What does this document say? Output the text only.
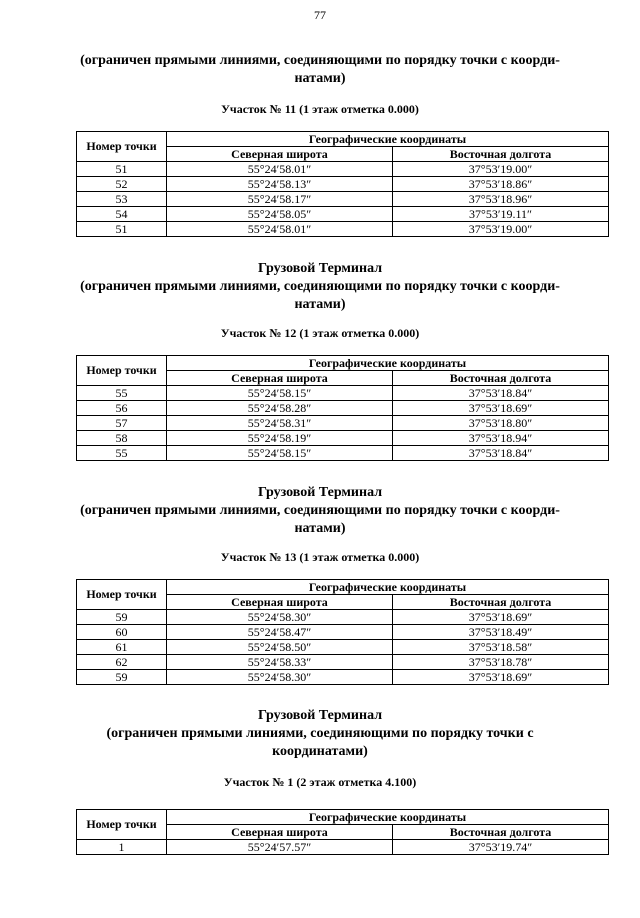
77

(ограничен прямыми линиями, соединяющими по порядку точки с коорди-
натами)

Участок № 11 (1 этаж отметка 0.000)

Номер точки	Географические координаты	
	Северная широта	Восточная долгота
51	55°24′58.01″	37°53′19.00″
52	55°24′58.13″	37°53′18.86″
53	55°24′58.17″	37°53′18.96″
54	55°24′58.05″	37°53′19.11″
51	55°24′58.01″	37°53′19.00″

Грузовой Терминал
(ограничен прямыми линиями, соединяющими по порядку точки с коорди-
натами)

Участок № 12 (1 этаж отметка 0.000)

Номер точки	Географические координаты	
	Северная широта	Восточная долгота
55	55°24′58.15″	37°53′18.84″
56	55°24′58.28″	37°53′18.69″
57	55°24′58.31″	37°53′18.80″
58	55°24′58.19″	37°53′18.94″
55	55°24′58.15″	37°53′18.84″

Грузовой Терминал
(ограничен прямыми линиями, соединяющими по порядку точки с коорди-
натами)

Участок № 13 (1 этаж отметка 0.000)

Номер точки	Географические координаты	
	Северная широта	Восточная долгота
59	55°24′58.30″	37°53′18.69″
60	55°24′58.47″	37°53′18.49″
61	55°24′58.50″	37°53′18.58″
62	55°24′58.33″	37°53′18.78″
59	55°24′58.30″	37°53′18.69″

Грузовой Терминал
(ограничен прямыми линиями, соединяющими по порядку точки с
координатами)

Участок № 1 (2 этаж отметка 4.100)

Номер точки	Географические координаты	
	Северная широта	Восточная долгота
1	55°24′57.57″	37°53′19.74″
